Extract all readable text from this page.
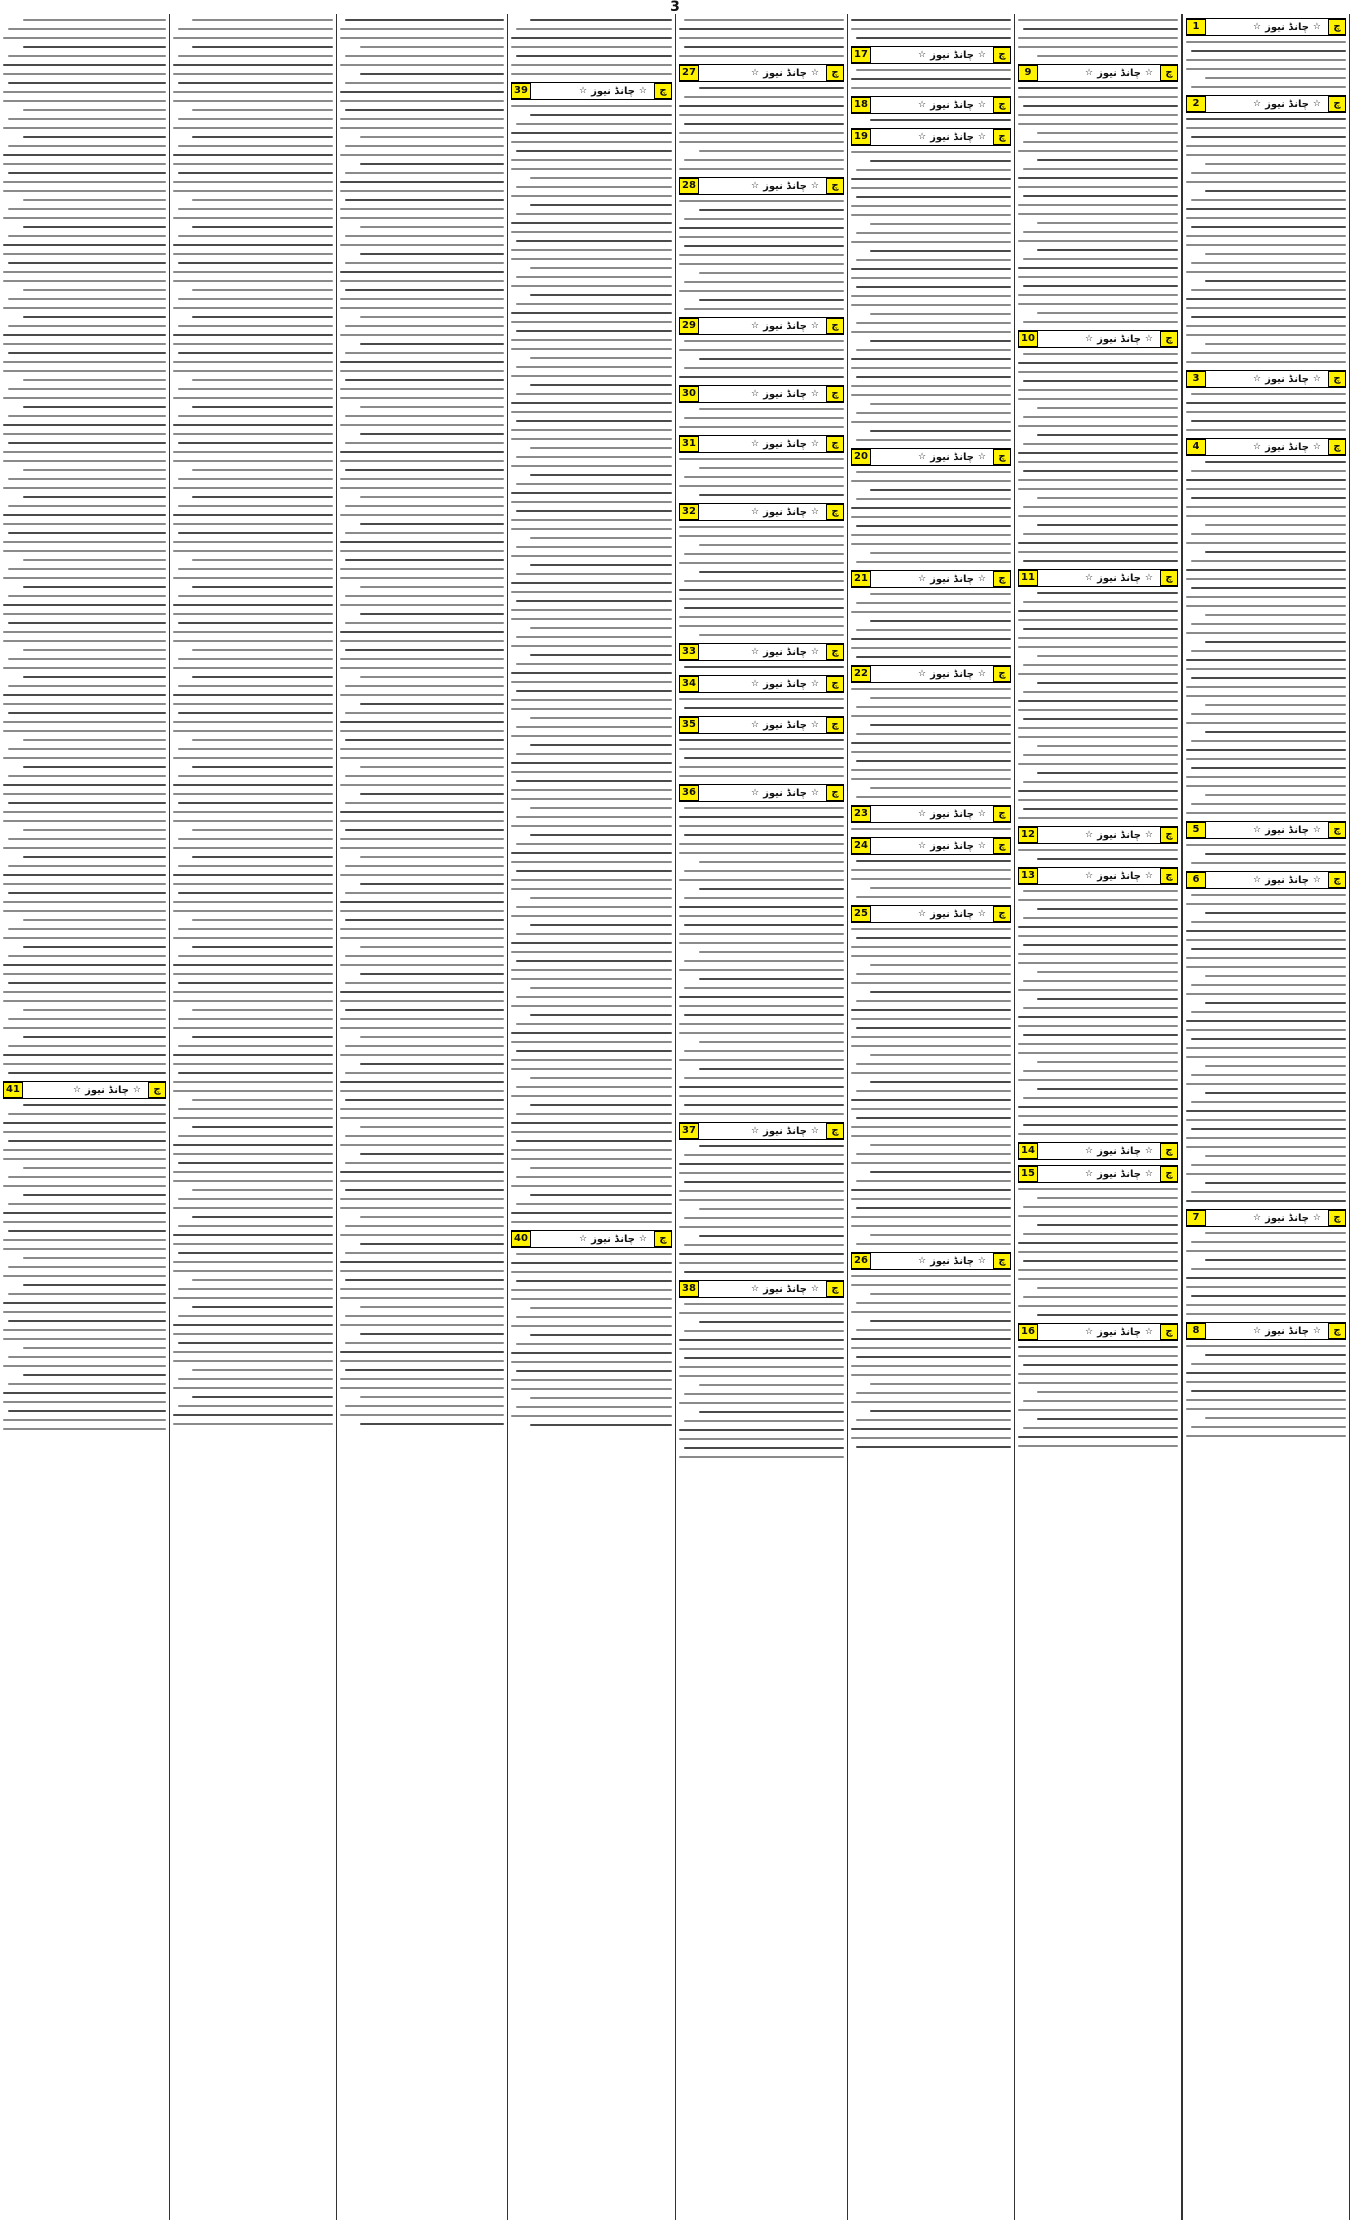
3
چ
☆
چانڈ نیوز
☆
1
چ
☆
چانڈ نیوز
☆
2
چ
☆
چانڈ نیوز
☆
3
چ
☆
چانڈ نیوز
☆
4
چ
☆
چانڈ نیوز
☆
5
چ
☆
چانڈ نیوز
☆
6
چ
☆
چانڈ نیوز
☆
7
چ
☆
چانڈ نیوز
☆
8
چ
☆
چانڈ نیوز
☆
9
چ
☆
چانڈ نیوز
☆
10
چ
☆
چانڈ نیوز
☆
11
چ
☆
چانڈ نیوز
☆
12
چ
☆
چانڈ نیوز
☆
13
چ
☆
چانڈ نیوز
☆
14
چ
☆
چانڈ نیوز
☆
15
چ
☆
چانڈ نیوز
☆
16
چ
☆
چانڈ نیوز
☆
17
چ
☆
چانڈ نیوز
☆
18
چ
☆
چانڈ نیوز
☆
19
چ
☆
چانڈ نیوز
☆
20
چ
☆
چانڈ نیوز
☆
21
چ
☆
چانڈ نیوز
☆
22
چ
☆
چانڈ نیوز
☆
23
چ
☆
چانڈ نیوز
☆
24
چ
☆
چانڈ نیوز
☆
25
چ
☆
چانڈ نیوز
☆
26
چ
☆
چانڈ نیوز
☆
27
چ
☆
چانڈ نیوز
☆
28
چ
☆
چانڈ نیوز
☆
29
چ
☆
چانڈ نیوز
☆
30
چ
☆
چانڈ نیوز
☆
31
چ
☆
چانڈ نیوز
☆
32
چ
☆
چانڈ نیوز
☆
33
چ
☆
چانڈ نیوز
☆
34
چ
☆
چانڈ نیوز
☆
35
چ
☆
چانڈ نیوز
☆
36
چ
☆
چانڈ نیوز
☆
37
چ
☆
چانڈ نیوز
☆
38
چ
☆
چانڈ نیوز
☆
39
چ
☆
چانڈ نیوز
☆
40
چ
☆
چانڈ نیوز
☆
41
